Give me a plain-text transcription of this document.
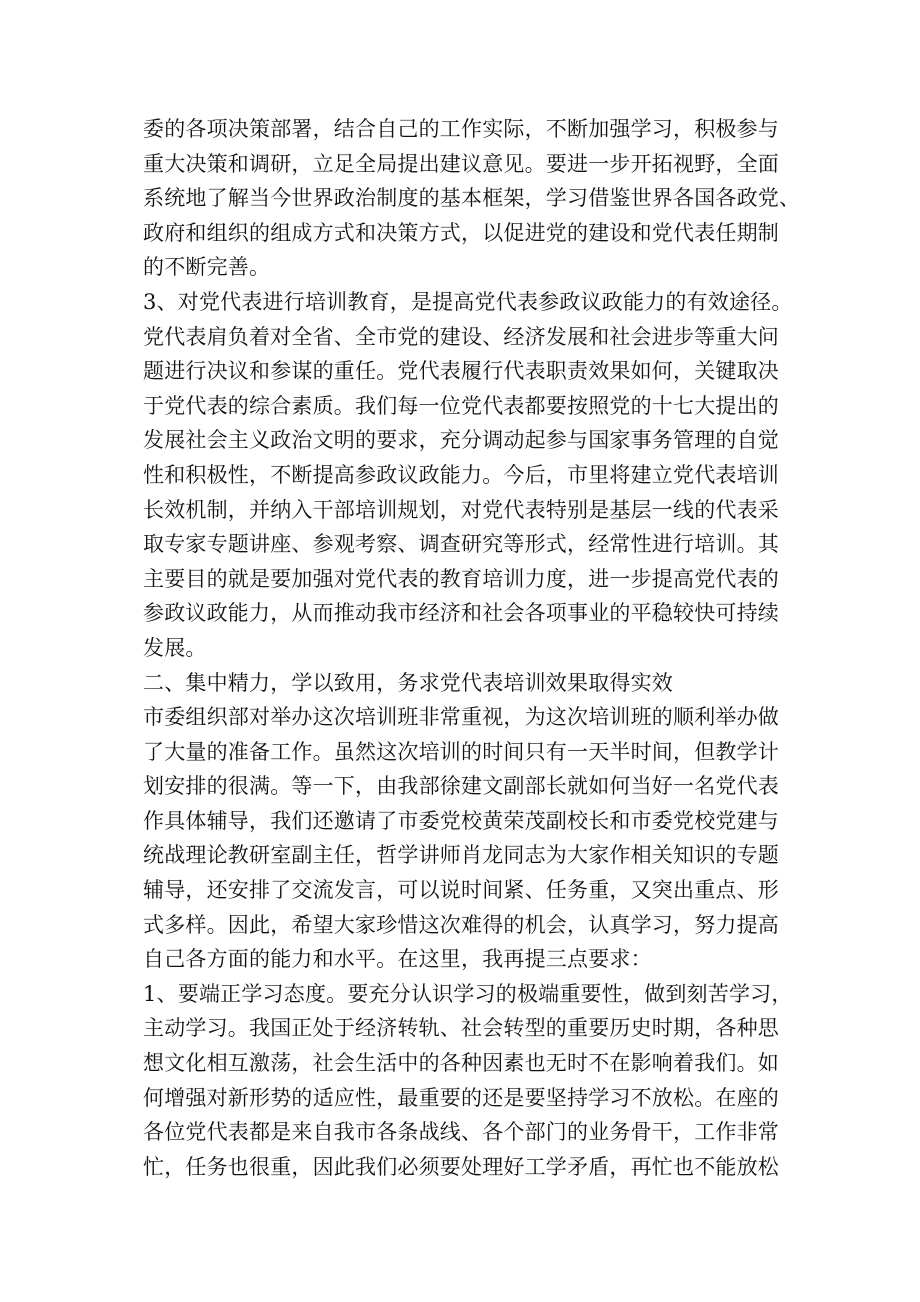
委的各项决策部署，结合自己的工作实际，不断加强学习，积极参与
重大决策和调研，立足全局提出建议意见。要进一步开拓视野，全面
系统地了解当今世界政治制度的基本框架，学习借鉴世界各国各政党、
政府和组织的组成方式和决策方式，以促进党的建设和党代表任期制
的不断完善。
3、对党代表进行培训教育，是提高党代表参政议政能力的有效途径。
党代表肩负着对全省、全市党的建设、经济发展和社会进步等重大问
题进行决议和参谋的重任。党代表履行代表职责效果如何，关键取决
于党代表的综合素质。我们每一位党代表都要按照党的十七大提出的
发展社会主义政治文明的要求，充分调动起参与国家事务管理的自觉
性和积极性，不断提高参政议政能力。今后，市里将建立党代表培训
长效机制，并纳入干部培训规划，对党代表特别是基层一线的代表采
取专家专题讲座、参观考察、调查研究等形式，经常性进行培训。其
主要目的就是要加强对党代表的教育培训力度，进一步提高党代表的
参政议政能力，从而推动我市经济和社会各项事业的平稳较快可持续
发展。
二、集中精力，学以致用，务求党代表培训效果取得实效
市委组织部对举办这次培训班非常重视，为这次培训班的顺利举办做
了大量的准备工作。虽然这次培训的时间只有一天半时间，但教学计
划安排的很满。等一下，由我部徐建文副部长就如何当好一名党代表
作具体辅导，我们还邀请了市委党校黄荣茂副校长和市委党校党建与
统战理论教研室副主任，哲学讲师肖龙同志为大家作相关知识的专题
辅导，还安排了交流发言，可以说时间紧、任务重，又突出重点、形
式多样。因此，希望大家珍惜这次难得的机会，认真学习，努力提高
自己各方面的能力和水平。在这里，我再提三点要求：
1、要端正学习态度。要充分认识学习的极端重要性，做到刻苦学习，
主动学习。我国正处于经济转轨、社会转型的重要历史时期，各种思
想文化相互激荡，社会生活中的各种因素也无时不在影响着我们。如
何增强对新形势的适应性，最重要的还是要坚持学习不放松。在座的
各位党代表都是来自我市各条战线、各个部门的业务骨干，工作非常
忙，任务也很重，因此我们必须要处理好工学矛盾，再忙也不能放松
